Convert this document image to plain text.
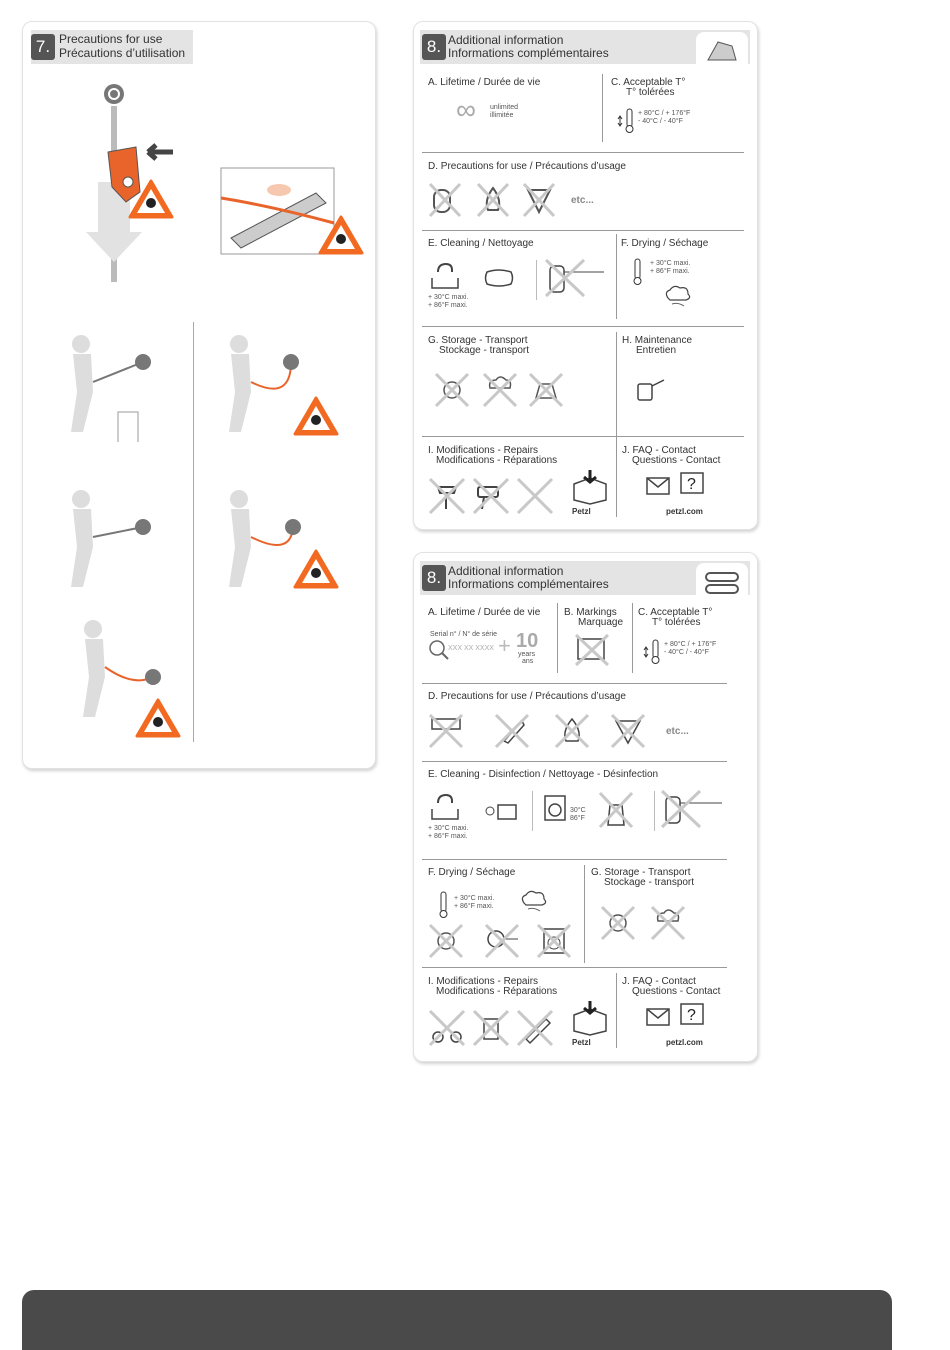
7. Precautions for use
Précautions d’utilisation	8. Additional information
Informations complémentaires
A. Lifetime / Durée de vie
∞ unlimited
illimitée
C. Acceptable T°
T° tolérées
+ 80°C / + 176°F
- 40°C / - 40°F
D. Precautions for use / Précautions d’usage
etc...
E. Cleaning / Nettoyage
+ 30°C maxi.
+ 86°F maxi.
F. Drying / Séchage
+ 30°C maxi.
+ 86°F maxi.
G. Storage - Transport
Stockage - transport
H. Maintenance
Entretien
I. Modifications - Repairs
Modifications - Réparations
Petzl
J. FAQ - Contact
Questions - Contact
?
petzl.com
8. Additional information
Informations complémentaires
A. Lifetime / Durée de vie
Serial n° / N° de série
XXX XX XXXX + 10
years
ans
B. Markings
Marquage
C. Acceptable T°
T° tolérées
+ 80°C / + 176°F
- 40°C / - 40°F
D. Precautions for use / Précautions d’usage
etc...
E. Cleaning - Disinfection / Nettoyage - Désinfection
+ 30°C maxi.
+ 86°F maxi.
30°C
86°F
F. Drying / Séchage
+ 30°C maxi.
+ 86°F maxi.
G. Storage - Transport
Stockage - transport
I. Modifications - Repairs
Modifications - Réparations
Petzl
J. FAQ - Contact
Questions - Contact
?
petzl.com
